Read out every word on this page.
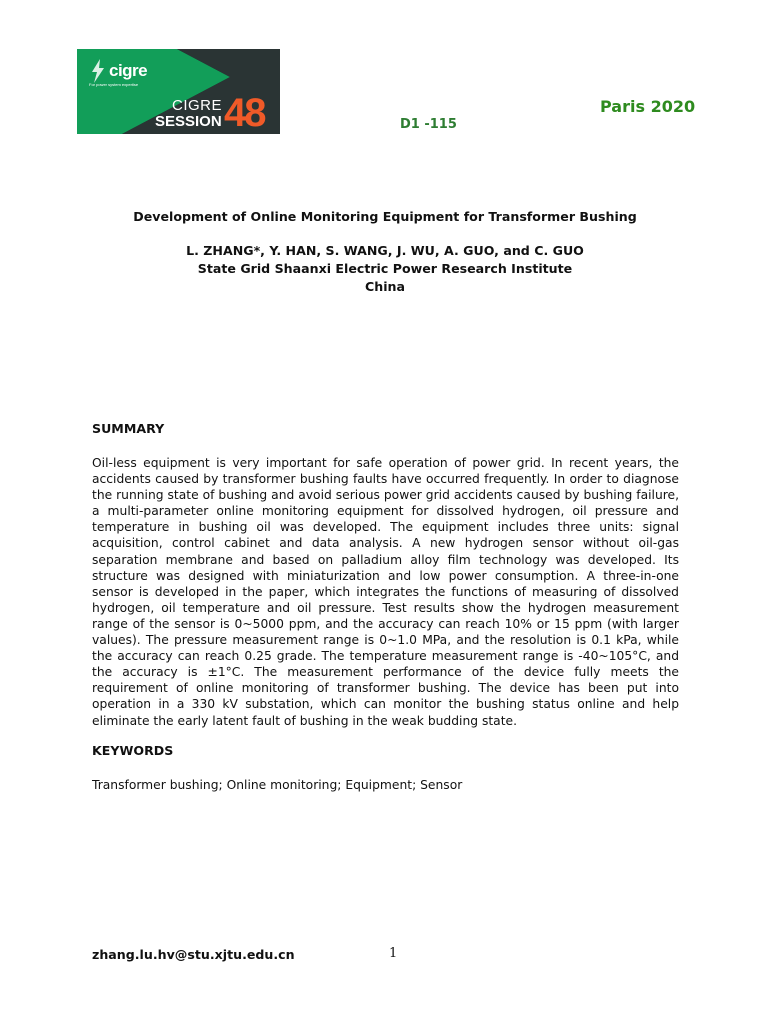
cigre
For power system expertise
CIGRE
SESSION 48	D1 -115
Paris 2020

Development of Online Monitoring Equipment for Transformer Bushing

L. ZHANG*, Y. HAN, S. WANG, J. WU, A. GUO, and C. GUO

State Grid Shaanxi Electric Power Research Institute

China

SUMMARY

Oil-less equipment is very important for safe operation of power grid. In recent years, the accidents caused by transformer bushing faults have occurred frequently. In order to diagnose the running state of bushing and avoid serious power grid accidents caused by bushing failure, a multi-parameter online monitoring equipment for dissolved hydrogen, oil pressure and temperature in bushing oil was developed. The equipment includes three units: signal acquisition, control cabinet and data analysis. A new hydrogen sensor without oil-gas separation membrane and based on palladium alloy film technology was developed. Its structure was designed with miniaturization and low power consumption. A three-in-one sensor is developed in the paper, which integrates the functions of measuring of dissolved hydrogen, oil temperature and oil pressure. Test results show the hydrogen measurement range of the sensor is 0~5000 ppm, and the accuracy can reach 10% or 15 ppm (with larger values). The pressure measurement range is 0~1.0 MPa, and the resolution is 0.1 kPa, while the accuracy can reach 0.25 grade. The temperature measurement range is -40~105°C, and the accuracy is ±1°C. The measurement performance of the device fully meets the requirement of online monitoring of transformer bushing. The device has been put into operation in a 330 kV substation, which can monitor the bushing status online and help eliminate the early latent fault of bushing in the weak budding state.

KEYWORDS

Transformer bushing; Online monitoring; Equipment; Sensor

zhang.lu.hv@stu.xjtu.edu.cn	1
